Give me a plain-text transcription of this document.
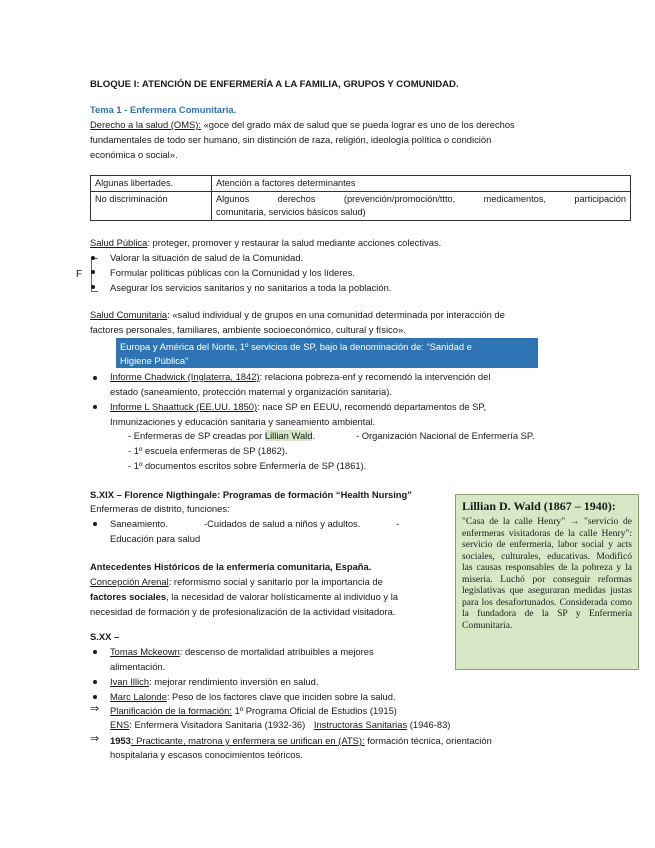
BLOQUE I: ATENCIÓN DE ENFERMERÍA A LA FAMILIA, GRUPOS Y COMUNIDAD.
Tema 1 - Enfermera Comunitaria.
Derecho a la salud (OMS): «goce del grado máx de salud que se pueda lograr es uno de los derechos
fundamentales de todo ser humano, sin distinción de raza, religión, ideología política o condición
económica o social».
Algunas libertades.	Atención a factores determinantes
No discriminación	Algunos derechos (prevención/promoción/ttto, medicamentos, participación
comunitaria, servicios básicos salud)
Salud Pública: proteger, promover y restaurar la salud mediante acciones colectivas.
F
Valorar la situación de salud de la Comunidad.
Formular políticas públicas con la Comunidad y los líderes.
Asegurar los servicios sanitarios y no sanitarios a toda la población.
Salud Comunitaria: «salud individual y de grupos en una comunidad determinada por interacción de
factores personales, familiares, ambiente socioeconómico, cultural y físico».
Europa y América del Norte, 1º servicios de SP, bajo la denominación de: “Sanidad e
Higiene Pública”
Informe Chadwick (Inglaterra, 1842): relaciona pobreza-enf y recomendó la intervención del
estado (saneamiento, protección maternal y organización sanitaria).
Informe L Shaattuck (EE.UU. 1850): nace SP en EEUU, recomendó departamentos de SP,
Inmunizaciones y educación sanitaria y saneamiento ambiental.
- Enfermeras de SP creadas por Lillian Wald.	- Organización Nacional de Enfermería SP.
- 1º escuela enfermeras de SP (1862).
- 1º documentos escritos sobre Enfermería de SP (1861).
S.XIX – Florence Nigthingale: Programas de formación “Health Nursing”
Enfermeras de distrito, funciones:
Saneamiento.	-Cuidados de salud a niños y adultos.	-
Educación para salud
Antecedentes Históricos de la enfermería comunitaria, España.
Concepción Arenal: reformismo social y sanitario por la importancia de
factores sociales, la necesidad de valorar holísticamente al individuo y la
necesidad de formación y de profesionalización de la actividad visitadora.
S.XX –
Tomas Mckeown: descenso de mortalidad atribuibles a mejores
alimentación.
Ivan Illich: mejorar rendimiento inversión en salud.
Marc Lalonde: Peso de los factores clave que inciden sobre la salud.
⇒ Planificación de la formación: 1º Programa Oficial de Estudios (1915)
ENS: Enfermera Visitadora Sanitaria (1932-36) Instructoras Sanitarias (1946-83)
⇒ 1953: Practicante, matrona y enfermera se unifican en (ATS): formación técnica, orientación
hospitalaria y escasos conocimientos teóricos.
Lillian D. Wald (1867 – 1940):
"Casa de la calle Henry" → "servicio de enfermeras visitadoras de la calle Henry": servicio de enfermería, labor social y acts sociales, culturales, educativas. Modificó las causas responsables de la pobreza y la miseria. Luchó por conseguir reformas legislativas que aseguraran medidas justas para los desafortunados. Considerada como la fundadora de la SP y Enfermería Comunitaria.
